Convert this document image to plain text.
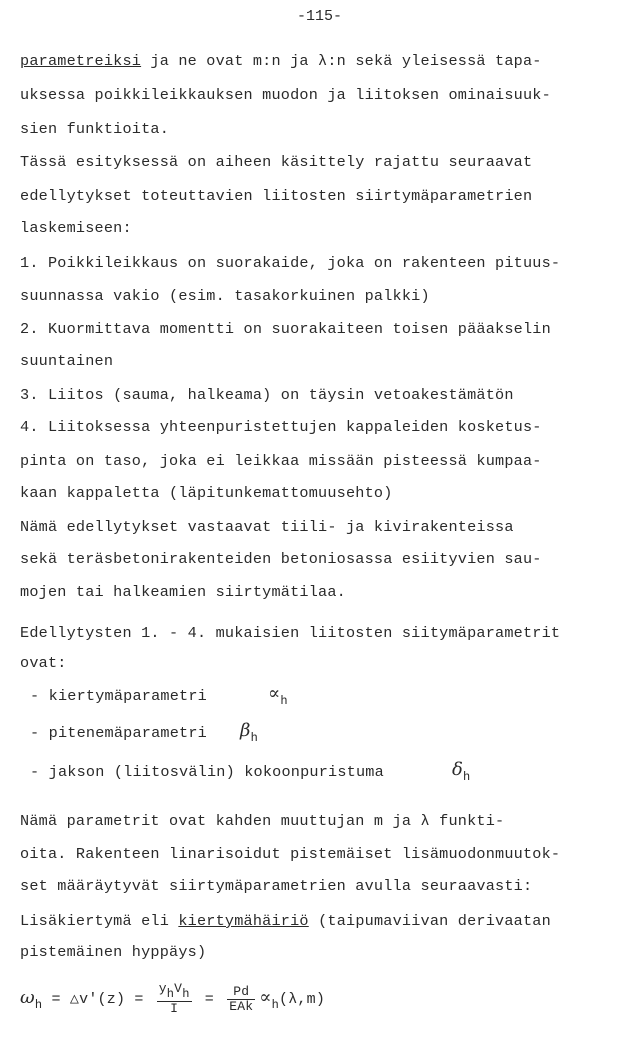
-115-
parametreiksi ja ne ovat m:n ja λ:n sekä yleisessä tapa-
uksessa poikkileikkauksen muodon ja liitoksen ominaisuuk-
sien funktioita.
Tässä esityksessä on aiheen käsittely rajattu seuraavat
edellytykset toteuttavien liitosten siirtymäparametrien
laskemiseen:
1. Poikkileikkaus on suorakaide, joka on rakenteen pituus-
suunnassa vakio (esim. tasakorkuinen palkki)
2. Kuormittava momentti on suorakaiteen toisen pääakselin
suuntainen
3. Liitos (sauma, halkeama) on täysin vetoakestämätön
4. Liitoksessa yhteenpuristettujen kappaleiden kosketus-
pinta on taso, joka ei leikkaa missään pisteessä kumpaa-
kaan kappaletta (läpitunkemattomuusehto)
Nämä edellytykset vastaavat tiili- ja kivirakenteissa
sekä teräsbetonirakenteiden betoniosassa esiityvien sau-
mojen tai halkeamien siirtymätilaa.
Edellytysten 1. - 4. mukaisien liitosten siitymäparametrit
ovat:
- kiertymäparametri	$\propto_h$
- pitenemäparametri $\beta_h$
- jakson (liitosvälin) kokoonpuristuma	$\delta_h$
Nämä parametrit ovat kahden muuttujan m ja λ funkti-
oita. Rakenteen linarisoidut pistemäiset lisämuodonmuutok-
set määräytyvät siirtymäparametrien avulla seuraavasti:
Lisäkiertymä eli kiertymähäiriö (taipumaviivan derivaatan
pistemäinen hyppäys)
$\omega_h$ = △v′(z) = $\frac{\text{yhVh}}{I} = \frac{Pd}{\text{EAk}} \propto_h(\lambda,m)$
